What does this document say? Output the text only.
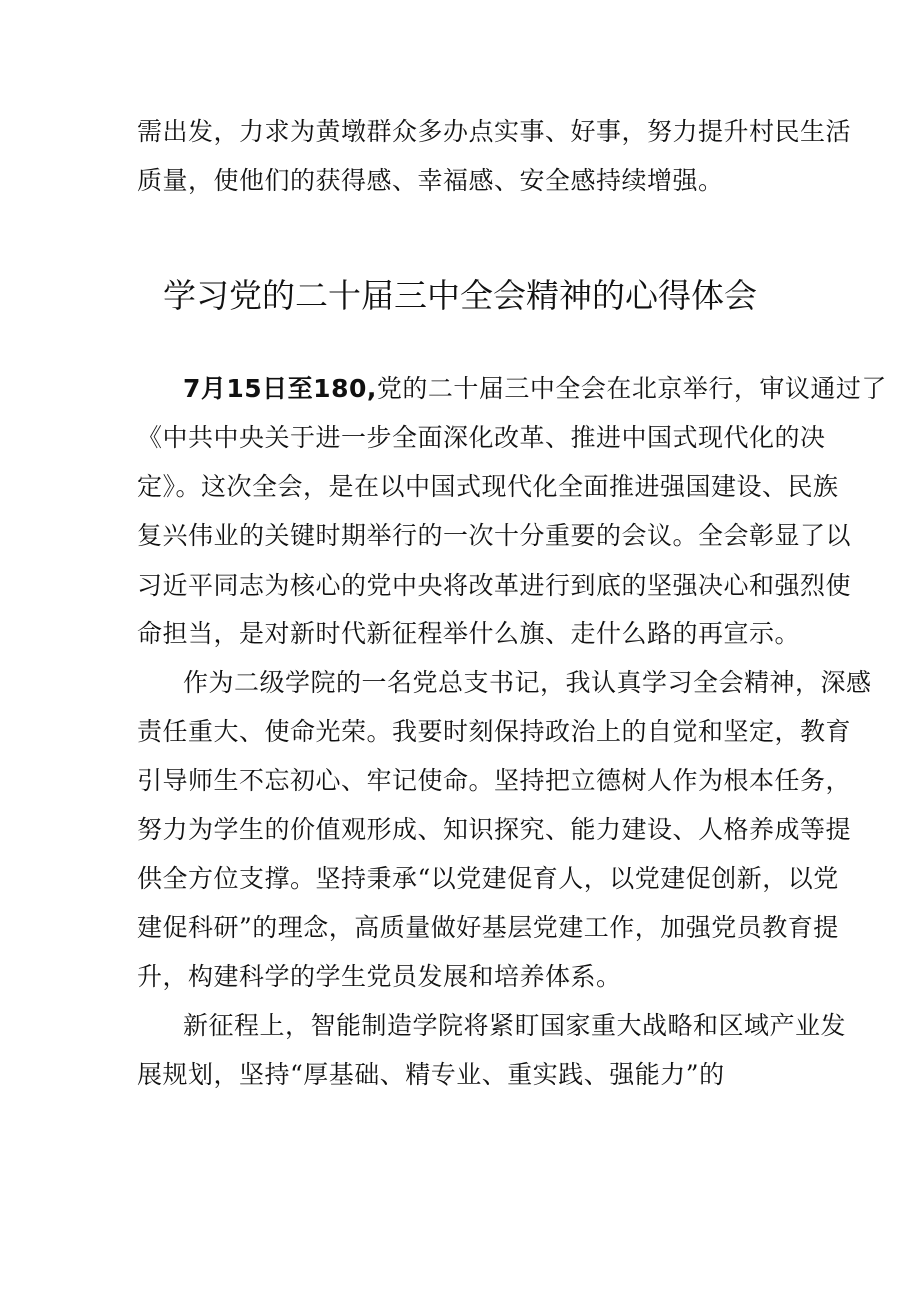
需出发，力求为黄墩群众多办点实事、好事，努力提升村民生活
质量，使他们的获得感、幸福感、安全感持续增强。
学习党的二十届三中全会精神的心得体会
7月15日至180,党的二十届三中全会在北京举行，审议通过了
《中共中央关于进一步全面深化改革、推进中国式现代化的决
定》。这次全会，是在以中国式现代化全面推进强国建设、民族
复兴伟业的关键时期举行的一次十分重要的会议。全会彰显了以
习近平同志为核心的党中央将改革进行到底的坚强决心和强烈使
命担当，是对新时代新征程举什么旗、走什么路的再宣示。
作为二级学院的一名党总支书记，我认真学习全会精神，深感
责任重大、使命光荣。我要时刻保持政治上的自觉和坚定，教育
引导师生不忘初心、牢记使命。坚持把立德树人作为根本任务，
努力为学生的价值观形成、知识探究、能力建设、人格养成等提
供全方位支撑。坚持秉承“以党建促育人，以党建促创新，以党
建促科研”的理念，高质量做好基层党建工作，加强党员教育提
升，构建科学的学生党员发展和培养体系。
新征程上，智能制造学院将紧盯国家重大战略和区域产业发
展规划，坚持“厚基础、精专业、重实践、强能力”的
